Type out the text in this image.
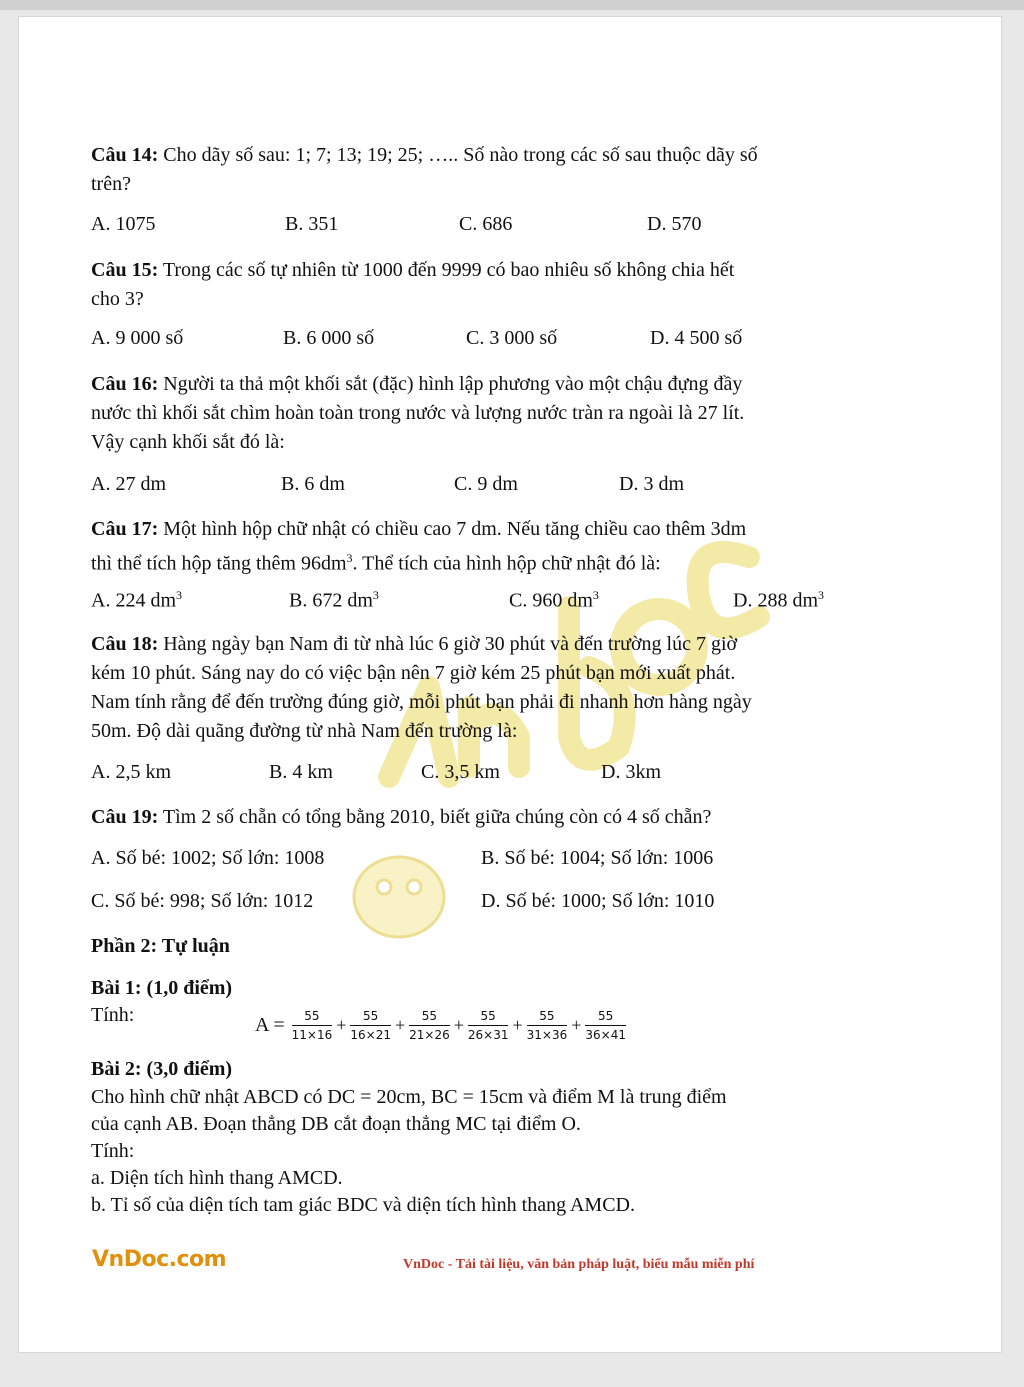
Câu 14: Cho dãy số sau: 1; 7; 13; 19; 25; ….. Số nào trong các số sau thuộc dãy số
trên?
A. 1075	B. 351	C. 686	D. 570
Câu 15: Trong các số tự nhiên từ 1000 đến 9999 có bao nhiêu số không chia hết
cho 3?
A. 9 000 số	B. 6 000 số	C. 3 000 số	D. 4 500 số
Câu 16: Người ta thả một khối sắt (đặc) hình lập phương vào một chậu đựng đầy
nước thì khối sắt chìm hoàn toàn trong nước và lượng nước tràn ra ngoài là 27 lít.
Vậy cạnh khối sắt đó là:
A. 27 dm	B. 6 dm	C. 9 dm	D. 3 dm
Câu 17: Một hình hộp chữ nhật có chiều cao 7 dm. Nếu tăng chiều cao thêm 3dm
thì thể tích hộp tăng thêm $96dm^3$. Thể tích của hình hộp chữ nhật đó là:
A. 224 $dm^3$	B. 672 $dm^3$	C. 960 $dm^3$	D. 288 $dm^3$
Câu 18: Hàng ngày bạn Nam đi từ nhà lúc 6 giờ 30 phút và đến trường lúc 7 giờ
kém 10 phút. Sáng nay do có việc bận nên 7 giờ kém 25 phút bạn mới xuất phát.
Nam tính rằng để đến trường đúng giờ, mỗi phút bạn phải đi nhanh hơn hàng ngày
50m. Độ dài quãng đường từ nhà Nam đến trường là:
A. 2,5 km	B. 4 km	C. 3,5 km	D. 3km
Câu 19: Tìm 2 số chẵn có tổng bằng 2010, biết giữa chúng còn có 4 số chẵn?
A. Số bé: 1002; Số lớn: 1008	B. Số bé: 1004; Số lớn: 1006
C. Số bé: 998; Số lớn: 1012	D. Số bé: 1000; Số lớn: 1010
Phần 2: Tự luận
Bài 1: (1,0 điểm)
Tính:	$A = \frac{55}{11\times 16} + \frac{55}{16\times 21} + \frac{55}{21\times 26} + \frac{55}{26\times 31} + \frac{55}{31\times 36} + \frac{55}{36\times 41}$
Bài 2: (3,0 điểm)
Cho hình chữ nhật ABCD có DC = 20cm, BC = 15cm và điểm M là trung điểm
của cạnh AB. Đoạn thẳng DB cắt đoạn thẳng MC tại điểm O.
Tính:
a. Diện tích hình thang AMCD.
b. Tỉ số của diện tích tam giác BDC và diện tích hình thang AMCD.
VnDoc.com	VnDoc - Tải tài liệu, văn bản pháp luật, biểu mẫu miễn phí
